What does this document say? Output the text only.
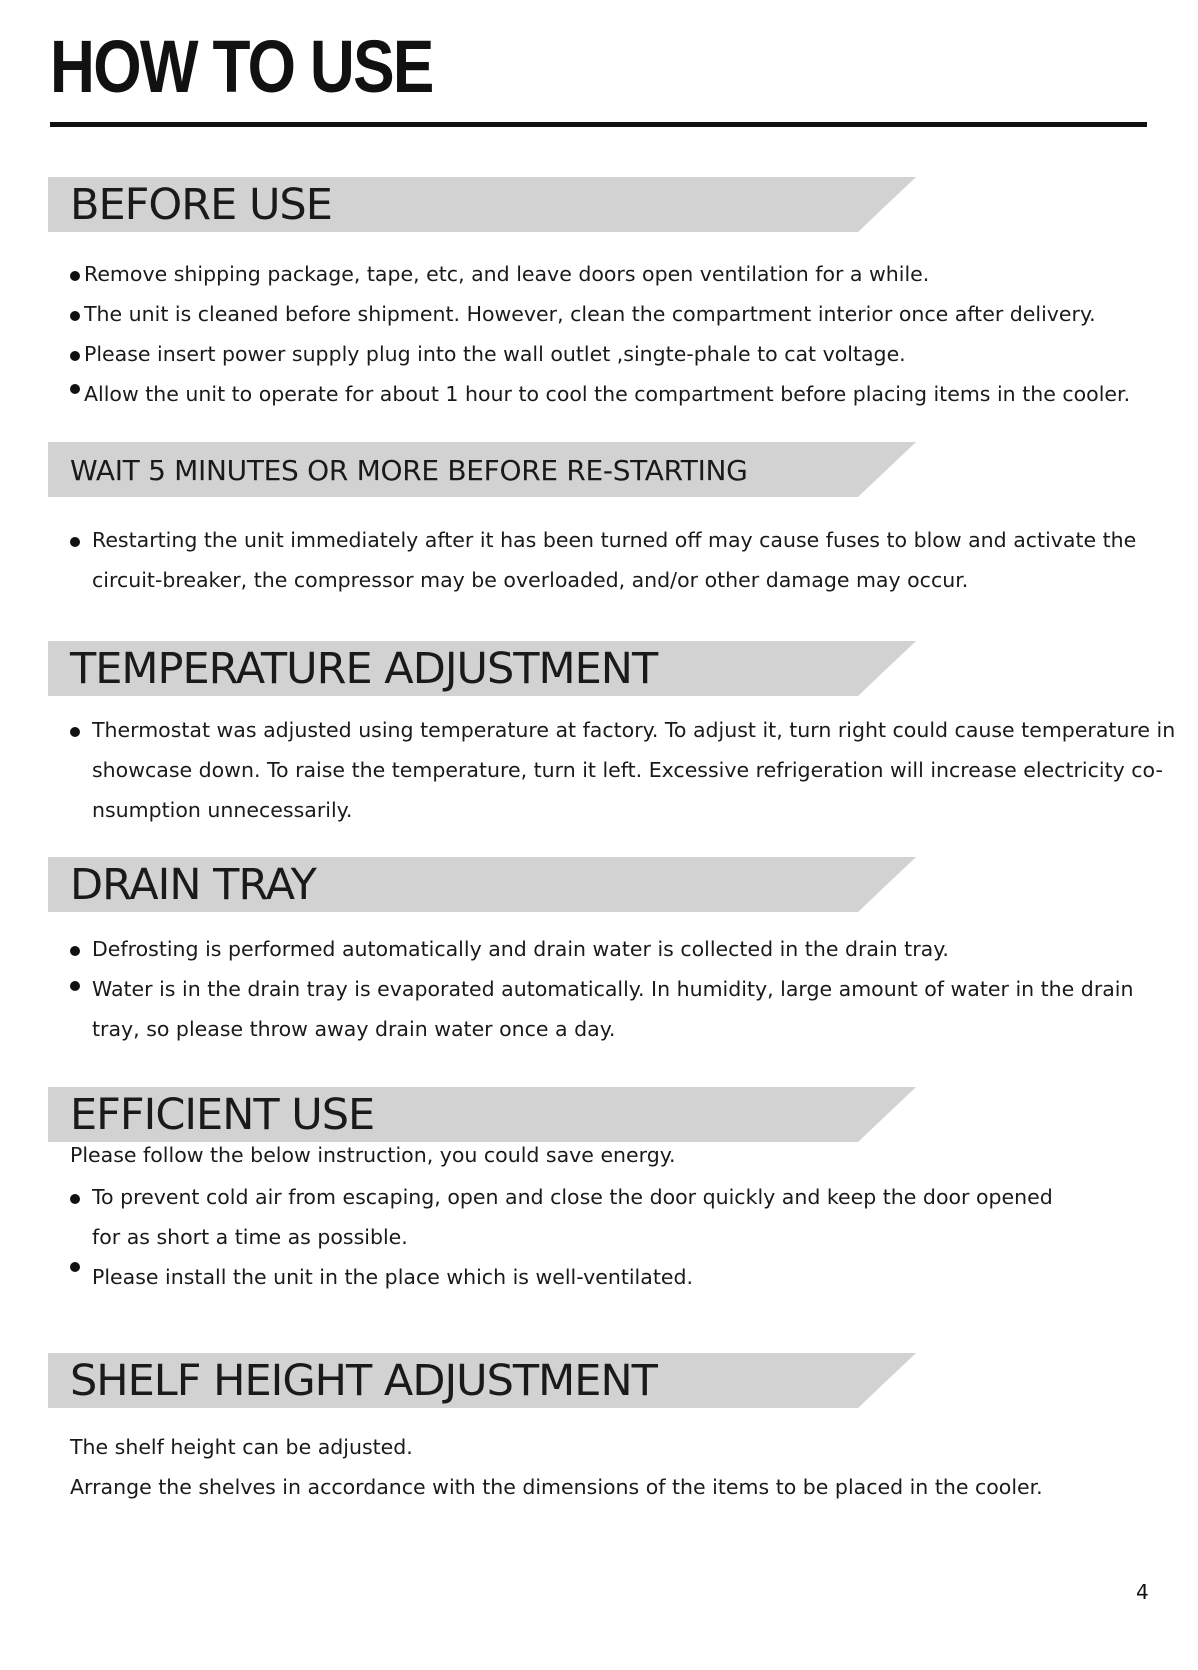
HOW TO USE
BEFORE USE
Remove shipping package, tape, etc, and leave doors open ventilation for a while.
The unit is cleaned before shipment. However, clean the compartment interior once after delivery.
Please insert power supply plug into the wall outlet ,singte-phale to cat voltage.
Allow the unit to operate for about 1 hour to cool the compartment before placing items in the cooler.
WAIT 5 MINUTES OR MORE BEFORE RE-STARTING
Restarting the unit immediately after it has been turned off may cause fuses to blow and activate the
circuit-breaker, the compressor may be overloaded, and/or other damage may occur.
TEMPERATURE ADJUSTMENT
Thermostat was adjusted using temperature at factory. To adjust it, turn right could cause temperature in
showcase down. To raise the temperature, turn it left. Excessive refrigeration will increase electricity co-
nsumption unnecessarily.
DRAIN TRAY
Defrosting is performed automatically and drain water is collected in the drain tray.
Water is in the drain tray is evaporated automatically. In humidity, large amount of water in the drain
tray, so please throw away drain water once a day.
EFFICIENT USE
Please follow the below instruction, you could save energy.
To prevent cold air from escaping, open and close the door quickly and keep the door opened
for as short a time as possible.
Please install the unit in the place which is well-ventilated.
SHELF HEIGHT ADJUSTMENT
The shelf height can be adjusted.
Arrange the shelves in accordance with the dimensions of the items to be placed in the cooler.
4
